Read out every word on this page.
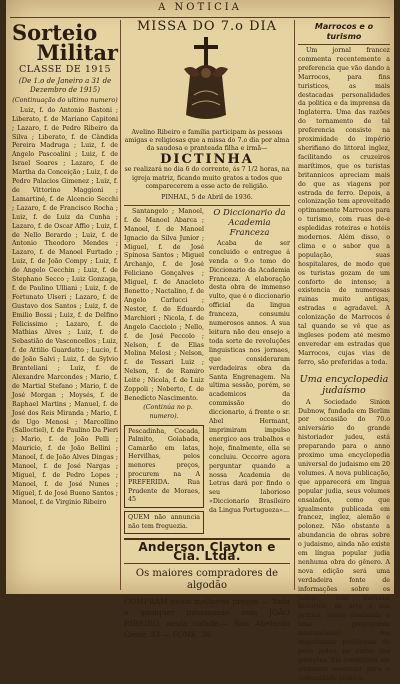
A NOTICIA
Sorteio
Militar
CLASSE DE 1915
(De 1.o de Janeiro a 31 de Dezembro de 1915)
(Continuação do ultimo numero)

Luiz, f. do Antonio Bastoni ; Liberato, f. de Mariano Capitoni ; Lazaro, f. de Pedro Ribeiro da Silva ; Liberato, f. de Cândida Pereira Madruga ; Luiz, f. de Angelo Pascoalini ; Luiz, f. de Israel Soares ; Lazaro, f. de Martha da Conceição ; Luiz, f. de Pedro Palacios Gimenez ; Luiz, f. de Vittorino Maggioni ; Lamartiné, f. de Alcencio Secchi ; Lazaro, f. de Francisco Rocha ; Luiz, f. de Luiz da Cunha ; Lazaro, f. de Oscar Affio ; Luiz, f. de Nello Berardo ; Luiz, f. de Antonio Theodoro Mendes ; Lazaro, f. de Manoel Furtado ; Luiz, f. de João Compy ; Luiz, f. de Angelo Cecchin ; Luiz, f. de Stephano Secco ; Luiz Gonzaga, f. de Paulino Ulliani ; Luiz, f. de Fortunato Ulseri ; Lazaro, f. de Gustavo dos Santos ; Luiz, f. de Emilio Bossi ; Luiz, f. de Delfino Felicissimo ; Lazaro, f. de Mathias Alves ; Luiz, f. de Sebastião de Vasconcellos ; Luiz, f. de Attilio Guardatto ; Lucio, f. de João Salvi ; Luiz, f. de Sylvio Branteliani ; Luiz, f. de Alexandre Marcondes ; Mario, f. de Martial Stefano ; Mario, f. de José Morgan ; Moysés, f. de Raphael Martins ; Manuel, f. de José dos Reis Miranda ; Mario, f. de Ugo Menosi ; Marcollino (Salloctiel), f. de Paulino Da Pieri ; Mario, f. de João Pelli ; Mauricio, f. de João Bellini ; Manoel, f. de João Alves Dingas ; Manoel, f. de José Nargas ; Miguel, f. de Pedro Lopes ; Manoel, f. de José Nunes ; Miguel, f. de José Bueno Santos ; Manoel, f. de Virginio Ribeiro

MISSA DO 7.o DIA
Avelino Ribeiro e familia participam às pessoas amigas e religiosas que a missa do 7.o dia por alma da saudosa e pranteada filha e irmã—
DICTINHA
se realizará no dia 6 do corrente, ás 7 1/2 horas, na igreja matriz, ficando muito gratos a todos que comparecerem a esse acto de religião.
PINHAL, 5 de Abril de 1936.

Santangelo ; Manoel, f. de Manoel Abarca ; Manoel, f. de Manoel Ignacio da Silva Junior ; Miguel, f. de José Spinosa Santos ; Miguel Archanjo, f. de José Feliciano Gonçalves ; Miguel, f. de Anacleto Bonetto ; Nactalino, f. de Angelo Carlucci ; Nestor, f. de Eduardo Marchiori ; Nicola, f. de Angelo Cacciolo ; Nello, f. de José Peccolo ; Nelson, f. de Elias Molina Melosi ; Nelson, f. de Tessari Luiz ; Nelson, f. de Ramiro Leite ; Nicola, f. de Luiz Zoppoli ; Noberto, f. de Benedicto Nascimento.

(Continúa no p. numero).

Pescadinha, Cocada, Palmito, Goiabada, Camarão em latas, Hervilhas, pelos menores preços, procurem na A PREFERIDA. Rua Prudente de Moraes, 45
QUEM não annuncia não tem freguezia.
O Diccionario da Academia Franceza

Acaba de ser concluido e entregue á venda o 9.o tomo do Diccionario da Academia Franceza. A elaboração desta obra de immenso vulto, que é o diccionario official da lingua franceza, consumiu numerosos annos. A sua leitura não deu ensejo a toda sorte de revoluções linguisticas nos jornaes, que consideraram verdadeiras obra da Santa Engrenagem. Na ultima sessão, porém, se academicos da commissão do diccionario, á frente o sr. Abel Hermant, imprimiram impulso energico aos trabalhos e hoje, finalmente, ella se concluiu. Occorre agora perguntar quando a nossa Academia de Letras dará por findo o seu laborioso «Diccionario Brasileiro da Lingua Portugueza»...

Anderson Clayton e Cia. Ltda.
Os maiores compradores de algodão
COMPRAM pelos melhores preços — Toda e qualquer informação com JOÃO RIBEIRO, nesta cidade.— Rua Abelardo Cesar, 23 — FONE, 36.
Marrocos e o turismo

Um jornal francez commenta recentemente a preferencia que vão dando a Marrocos, para fins turisticos, as mais destacadas personalidades da politica e da imprensa da Inglaterra. Uma das razões do tornamento de tal preferencia consiste na proximidade do império sherifiano do littoral inglez, facilitando os cruzeiros marítimos, que os turistas britannicos apreciam mais do que as viagens por estrada de ferro. Depois, a colonização tem aproveitado optimamente Marrocos para o turismo, com ruas de-e espledidas roteiras e hotéis modernos. Além disso, o clima e o sabor que a população, suas hospitalares, de modo que os turistas gozam de um conforto de intenso; a existencia de numerosas ruinas muito antigas, estradas e agradavel. A colonização de Marrocos é tal quando se vê que as ingleses podem até mesmo enveredar em estradas que Marrocos, cujas vias de ferro, são preferidas a toda.

Uma encyclopedia judaísmo

A Sociedade Sinion Dubnow, fundada em Berlim por occasião do 70.o aniversário do grande historiador judeu, está preparando para o anno proximo uma encyclopedia universal do judaismo em 20 volumes. A nova publicação, que apparecerá em lingua popular judia, seus volumes ensaiados, como que igualmente publicada em francez, inglez, alemão e polonez. Não obstante a abundancia de obras sobre o judaismo, ainda não existe em língua popular judia nenhuma obra do gênero. A nova edição será uma verdadeira fonte de informações sobre os judeus, com material historico, de arte e sua pratica, sendo destinada a uma propaganda internacional dos importantes problemas do povo judeu no curso das gerações. Ela constituirá um elemento essencial para a comunidade judaica.
